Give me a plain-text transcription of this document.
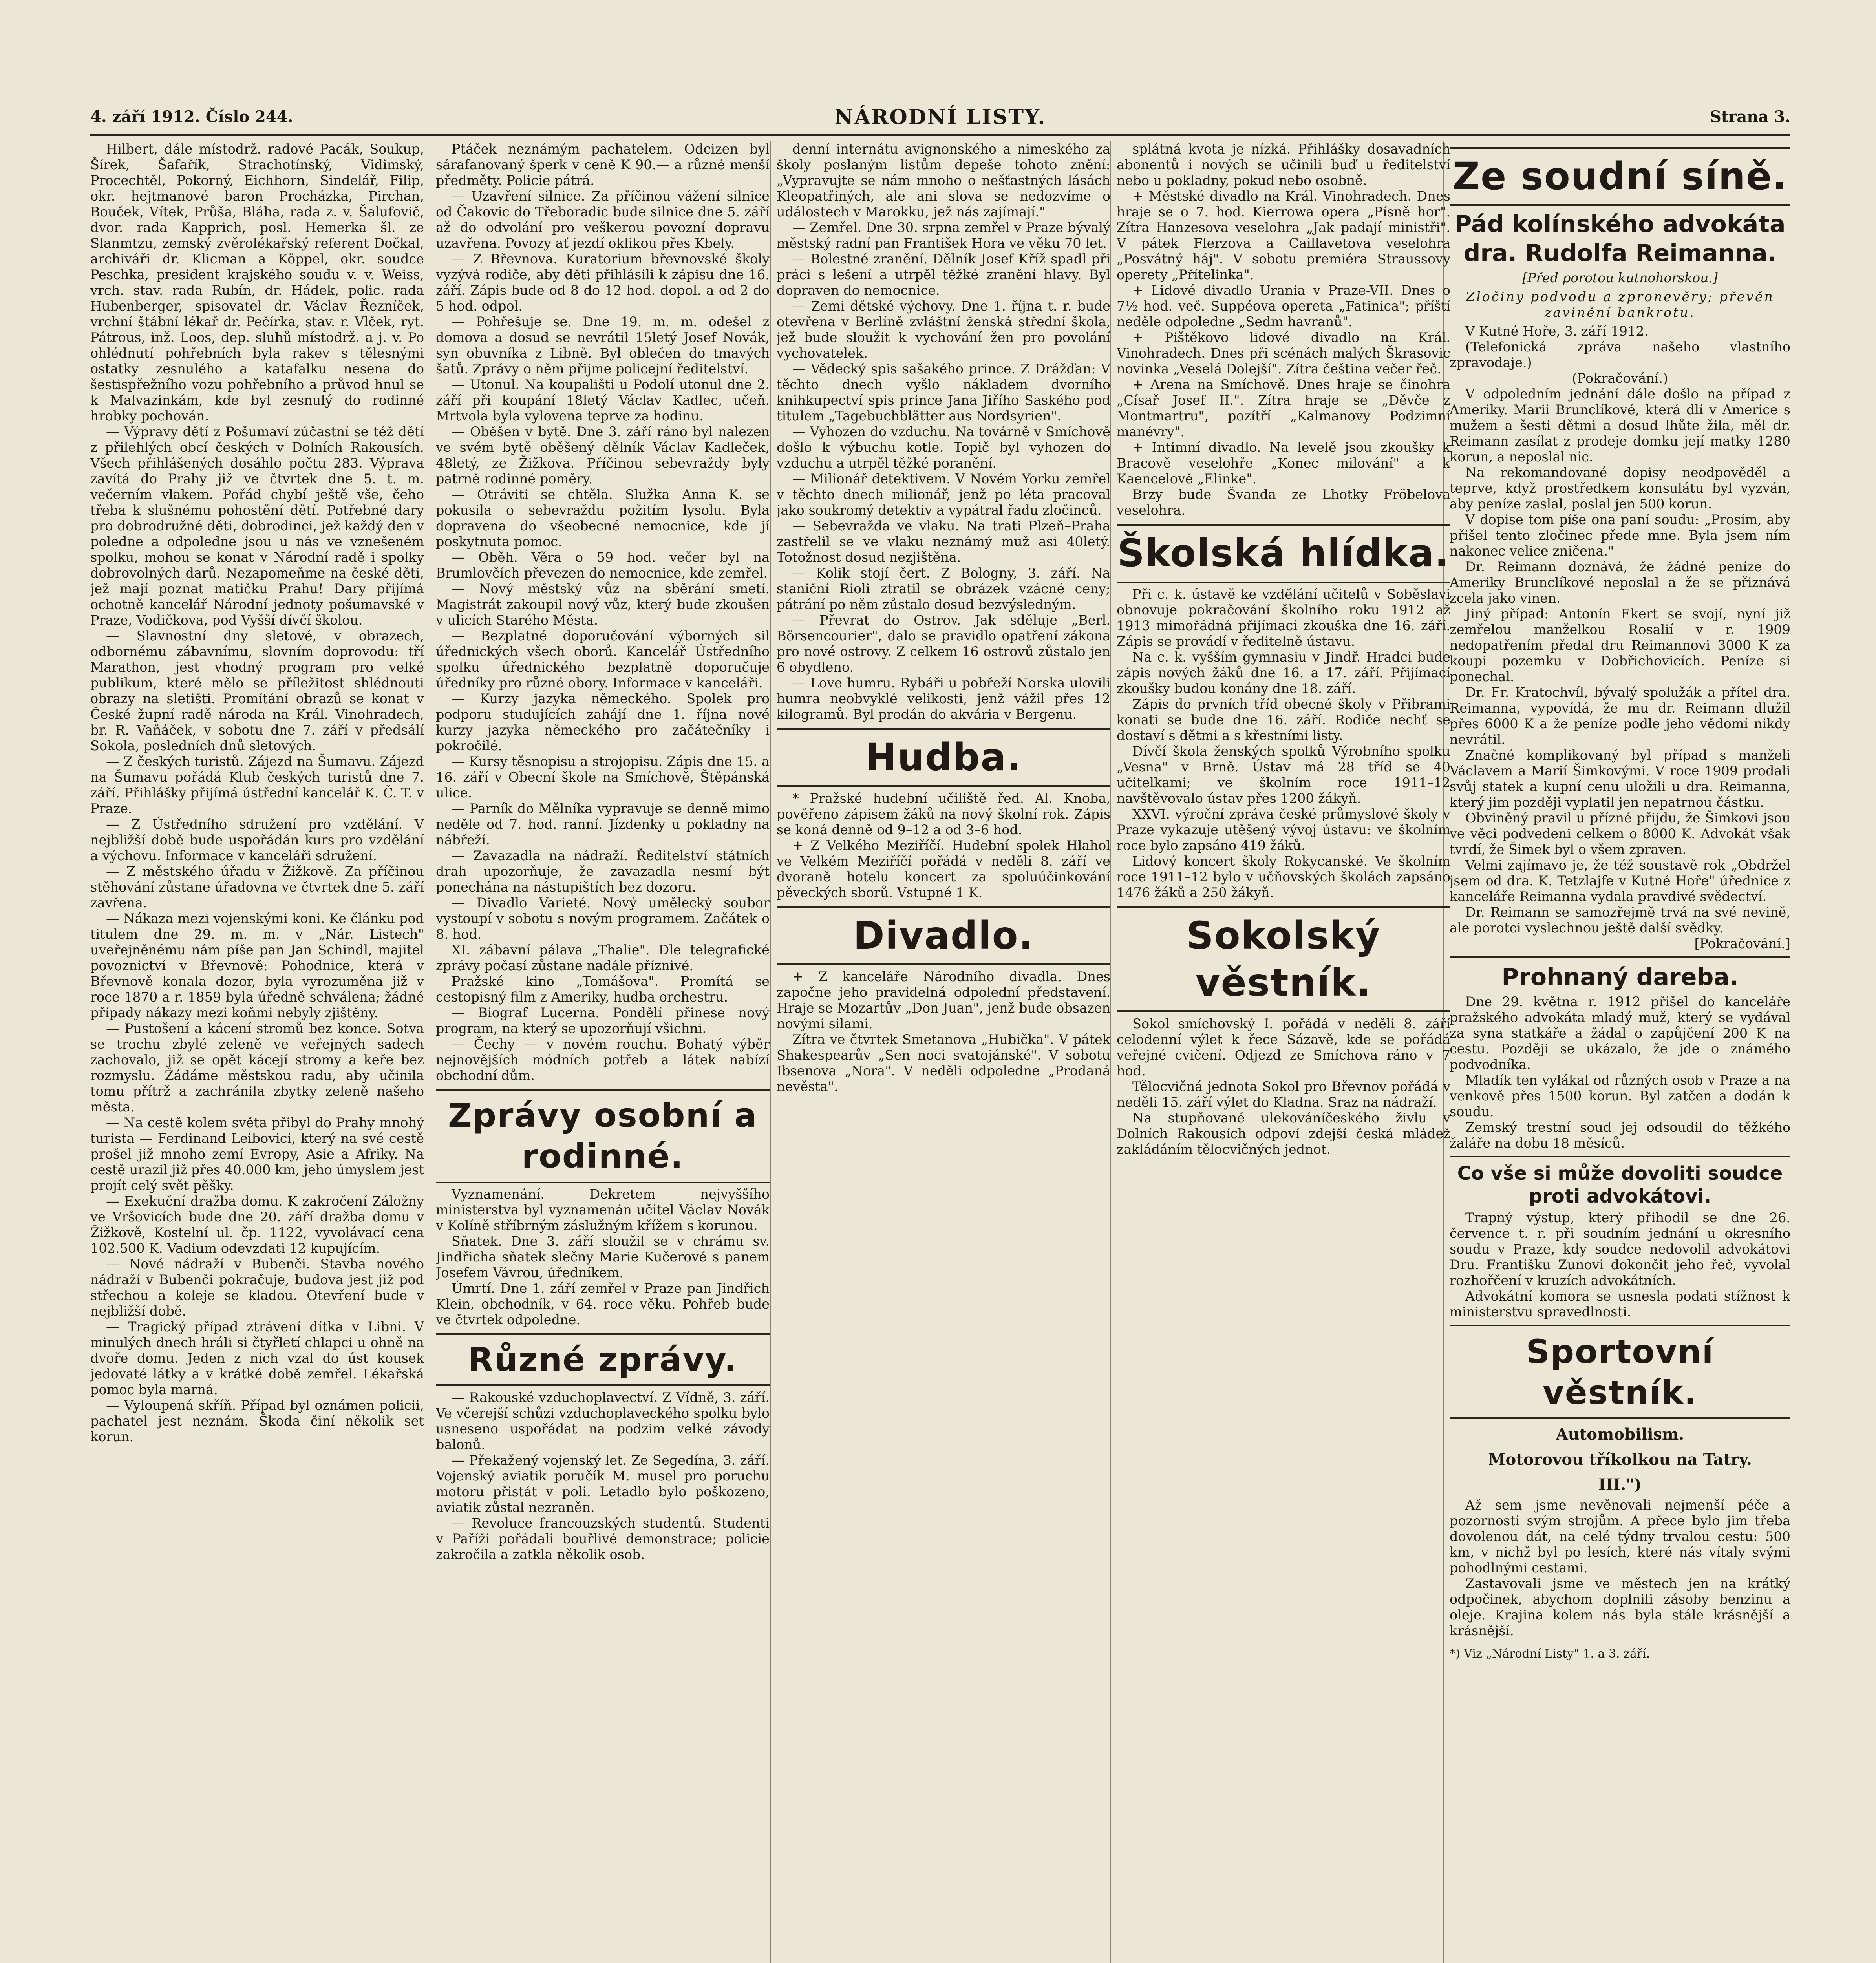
4. září 1912. Číslo 244.	NÁRODNÍ LISTY.	Strana 3.

Hilbert, dále místodrž. radové Pacák, Soukup, Šírek, Šafařík, Strachotínský, Vidimský, Procechtěl, Pokorný, Eichhorn, Sindelář, Filip, okr. hejtmanové baron Procházka, Pirchan, Bouček, Vítek, Průša, Bláha, rada z. v. Šalufovič, dvor. rada Kapprich, posl. Hemerka šl. ze Slanmtzu, zemský zvěrolékařský referent Dočkal, archiváři dr. Klicman a Köppel, okr. soudce Peschka, president krajského soudu v. v. Weiss, vrch. stav. rada Rubín, dr. Hádek, polic. rada Hubenberger, spisovatel dr. Václav Řezníček, vrchní štábní lékař dr. Pečírka, stav. r. Vlček, ryt. Pátrous, inž. Loos, dep. sluhů místodrž. a j. v. Po ohlédnutí pohřebních byla rakev s tělesnými ostatky zesnulého a katafalku nesena do šestispřežního vozu pohřebního a průvod hnul se k Malvazinkám, kde byl zesnulý do rodinné hrobky pochován.

— Výpravy dětí z Pošumaví zúčastní se též dětí z přilehlých obcí českých v Dolních Rakousích. Všech přihlášených dosáhlo počtu 283. Výprava zavítá do Prahy již ve čtvrtek dne 5. t. m. večerním vlakem. Pořád chybí ještě vše, čeho třeba k slušnému pohostění dětí. Potřebné dary pro dobrodružné děti, dobrodinci, jež každý den v poledne a odpoledne jsou u nás ve vznešeném spolku, mohou se konat v Národní radě i spolky dobrovolných darů. Nezapomeňme na české děti, jež mají poznat matičku Prahu! Dary přijímá ochotně kancelář Národní jednoty pošumavské v Praze, Vodičkova, pod Vyšší dívčí školou.

— Slavnostní dny sletové, v obrazech, odbornému zábavnímu, slovním doprovodu: tří Marathon, jest vhodný program pro velké publikum, které mělo se příležitost shlédnouti obrazy na sletišti. Promítání obrazů se konat v České župní radě národa na Král. Vinohradech, br. R. Vaňáček, v sobotu dne 7. září v předsálí Sokola, posledních dnů sletových.

— Z českých turistů. Zájezd na Šumavu. Zájezd na Šumavu pořádá Klub českých turistů dne 7. září. Přihlášky přijímá ústřední kancelář K. Č. T. v Praze.

— Z Ústředního sdružení pro vzdělání. V nejbližší době bude uspořádán kurs pro vzdělání a výchovu. Informace v kanceláři sdružení.

— Z městského úřadu v Žižkově. Za příčinou stěhování zůstane úřadovna ve čtvrtek dne 5. září zavřena.

— Nákaza mezi vojenskými koni. Ke článku pod titulem dne 29. m. m. v „Nár. Listech" uveřejněnému nám píše pan Jan Schindl, majitel povoznictví v Břevnově: Pohodnice, která v Břevnově konala dozor, byla vyrozuměna již v roce 1870 a r. 1859 byla úředně schválena; žádné případy nákazy mezi koňmi nebyly zjištěny.

— Pustošení a kácení stromů bez konce. Sotva se trochu zbylé zeleně ve veřejných sadech zachovalo, již se opět kácejí stromy a keře bez rozmyslu. Žádáme městskou radu, aby učinila tomu přítrž a zachránila zbytky zeleně našeho města.

— Na cestě kolem světa přibyl do Prahy mnohý turista — Ferdinand Leibovici, který na své cestě prošel již mnoho zemí Evropy, Asie a Afriky. Na cestě urazil již přes 40.000 km, jeho úmyslem jest projít celý svět pěšky.

— Exekuční dražba domu. K zakročení Záložny ve Vršovicích bude dne 20. září dražba domu v Žižkově, Kostelní ul. čp. 1122, vyvolávací cena 102.500 K. Vadium odevzdati 12 kupujícím.

— Nové nádraží v Bubenči. Stavba nového nádraží v Bubenči pokračuje, budova jest již pod střechou a koleje se kladou. Otevření bude v nejbližší době.

— Tragický případ ztrávení dítka v Libni. V minulých dnech hráli si čtyřletí chlapci u ohně na dvoře domu. Jeden z nich vzal do úst kousek jedovaté látky a v krátké době zemřel. Lékařská pomoc byla marná.

— Vyloupená skříň. Případ byl oznámen policii, pachatel jest neznám. Škoda činí několik set korun.

Ptáček neznámým pachatelem. Odcizen byl sárafanovaný šperk v ceně K 90.— a různé menší předměty. Policie pátrá.

— Uzavření silnice. Za příčinou vážení silnice od Čakovic do Třeboradic bude silnice dne 5. září až do odvolání pro veškerou povozní dopravu uzavřena. Povozy ať jezdí oklikou přes Kbely.

— Z Břevnova. Kuratorium břevnovské školy vyzývá rodiče, aby děti přihlásili k zápisu dne 16. září. Zápis bude od 8 do 12 hod. dopol. a od 2 do 5 hod. odpol.

— Pohřešuje se. Dne 19. m. m. odešel z domova a dosud se nevrátil 15letý Josef Novák, syn obuvníka z Libně. Byl oblečen do tmavých šatů. Zprávy o něm přijme policejní ředitelství.

— Utonul. Na koupališti u Podolí utonul dne 2. září při koupání 18letý Václav Kadlec, učeň. Mrtvola byla vylovena teprve za hodinu.

— Oběšen v bytě. Dne 3. září ráno byl nalezen ve svém bytě oběšený dělník Václav Kadleček, 48letý, ze Žižkova. Příčinou sebevraždy byly patrně rodinné poměry.

— Otráviti se chtěla. Služka Anna K. se pokusila o sebevraždu požitím lysolu. Byla dopravena do všeobecné nemocnice, kde jí poskytnuta pomoc.

— Oběh. Věra o 59 hod. večer byl na Brumlovčích převezen do nemocnice, kde zemřel.

— Nový městský vůz na sběrání smetí. Magistrát zakoupil nový vůz, který bude zkoušen v ulicích Starého Města.

— Bezplatné doporučování výborných sil úřednických všech oborů. Kancelář Ústředního spolku úřednického bezplatně doporučuje úředníky pro různé obory. Informace v kanceláři.

— Kurzy jazyka německého. Spolek pro podporu studujících zahájí dne 1. října nové kurzy jazyka německého pro začátečníky i pokročilé.

— Kursy těsnopisu a strojopisu. Zápis dne 15. a 16. září v Obecní škole na Smíchově, Štěpánská ulice.

— Parník do Mělníka vypravuje se denně mimo neděle od 7. hod. ranní. Jízdenky u pokladny na nábřeží.

— Zavazadla na nádraží. Ředitelství státních drah upozorňuje, že zavazadla nesmí být ponechána na nástupištích bez dozoru.

— Divadlo Varieté. Nový umělecký soubor vystoupí v sobotu s novým programem. Začátek o 8. hod.

XI. zábavní pálava „Thalie". Dle telegrafické zprávy počasí zůstane nadále příznivé.

Pražské kino „Tomášova". Promítá se cestopisný film z Ameriky, hudba orchestru.

— Biograf Lucerna. Pondělí přinese nový program, na který se upozorňují všichni.

— Čechy — v novém rouchu. Bohatý výběr nejnovějších módních potřeb a látek nabízí obchodní dům.

Zprávy osobní a rodinné.

Vyznamenání. Dekretem nejvyššího ministerstva byl vyznamenán učitel Václav Novák v Kolíně stříbrným záslužným křížem s korunou.

Sňatek. Dne 3. září sloužil se v chrámu sv. Jindřicha sňatek slečny Marie Kučerové s panem Josefem Vávrou, úředníkem.

Úmrtí. Dne 1. září zemřel v Praze pan Jindřich Klein, obchodník, v 64. roce věku. Pohřeb bude ve čtvrtek odpoledne.

Různé zprávy.

— Rakouské vzduchoplavectví. Z Vídně, 3. září. Ve včerejší schůzi vzduchoplaveckého spolku bylo usneseno uspořádat na podzim velké závody balonů.

— Překažený vojenský let. Ze Segedína, 3. září. Vojenský aviatik poručík M. musel pro poruchu motoru přistát v poli. Letadlo bylo poškozeno, aviatik zůstal nezraněn.

— Revoluce francouzských studentů. Studenti v Paříži pořádali bouřlivé demonstrace; policie zakročila a zatkla několik osob.

denní internátu avignonského a nimeského za školy poslaným listům depeše tohoto znění: „Vypravujte se nám mnoho o nešťastných lásách Kleopatřiných, ale ani slova se nedozvíme o událostech v Marokku, jež nás zajímají."

— Zemřel. Dne 30. srpna zemřel v Praze bývalý městský radní pan František Hora ve věku 70 let.

— Bolestné zranění. Dělník Josef Kříž spadl při práci s lešení a utrpěl těžké zranění hlavy. Byl dopraven do nemocnice.

— Zemi dětské výchovy. Dne 1. října t. r. bude otevřena v Berlíně zvláštní ženská střední škola, jež bude sloužit k vychování žen pro povolání vychovatelek.

— Vědecký spis sašakého prince. Z Drážďan: V těchto dnech vyšlo nákladem dvorního knihkupectví spis prince Jana Jiřího Saského pod titulem „Tagebuchblätter aus Nordsyrien".

— Vyhozen do vzduchu. Na továrně v Smíchově došlo k výbuchu kotle. Topič byl vyhozen do vzduchu a utrpěl těžké poranění.

— Milionář detektivem. V Novém Yorku zemřel v těchto dnech milionář, jenž po léta pracoval jako soukromý detektiv a vypátral řadu zločinců.

— Sebevražda ve vlaku. Na trati Plzeň–Praha zastřelil se ve vlaku neznámý muž asi 40letý. Totožnost dosud nezjištěna.

— Kolik stojí čert. Z Bologny, 3. září. Na staniční Rioli ztratil se obrázek vzácné ceny; pátrání po něm zůstalo dosud bezvýsledným.

— Převrat do Ostrov. Jak sděluje „Berl. Börsencourier", dalo se pravidlo opatření zákona pro nové ostrovy. Z celkem 16 ostrovů zůstalo jen 6 obydleno.

— Love humru. Rybáři u pobřeží Norska ulovili humra neobvyklé velikosti, jenž vážil přes 12 kilogramů. Byl prodán do akvária v Bergenu.

Hudba.

* Pražské hudební učiliště řed. Al. Knoba, pověřeno zápisem žáků na nový školní rok. Zápis se koná denně od 9–12 a od 3–6 hod.

+ Z Velkého Meziříčí. Hudební spolek Hlahol ve Velkém Meziříčí pořádá v neděli 8. září ve dvoraně hotelu koncert za spoluúčinkování pěveckých sborů. Vstupné 1 K.

Divadlo.

+ Z kanceláře Národního divadla. Dnes započne jeho pravidelná odpolední představení. Hraje se Mozartův „Don Juan", jenž bude obsazen novými silami.

Zítra ve čtvrtek Smetanova „Hubička". V pátek Shakespearův „Sen noci svatojánské". V sobotu Ibsenova „Nora". V neděli odpoledne „Prodaná nevěsta".

splátná kvota je nízká. Přihlášky dosavadních abonentů i nových se učinili buď u ředitelství nebo u pokladny, pokud nebo osobně.

+ Městské divadlo na Král. Vinohradech. Dnes hraje se o 7. hod. Kierrowa opera „Písně hor". Zítra Hanzesova veselohra „Jak padají ministři". V pátek Flerzova a Caillavetova veselohra „Posvátný háj". V sobotu premiéra Straussovy operety „Přítelinka".

+ Lidové divadlo Urania v Praze-VII. Dnes o 7½ hod. več. Suppéova opereta „Fatinica"; příští neděle odpoledne „Sedm havranů".

+ Pištěkovo lidové divadlo na Král. Vinohradech. Dnes při scénách malých Škrasovic novinka „Veselá Dolejší". Zítra čeština večer řeč.

+ Arena na Smíchově. Dnes hraje se činohra „Císař Josef II.". Zítra hraje se „Děvče z Montmartru", pozítří „Kalmanovy Podzimní manévry".

+ Intimní divadlo. Na levelě jsou zkoušky k Bracově veselohře „Konec milování" a k Kaencelově „Elinke".

Brzy bude Švanda ze Lhotky Fröbelova veselohra.

Školská hlídka.

Při c. k. ústavě ke vzdělání učitelů v Soběslavi obnovuje pokračování školního roku 1912 až 1913 mimořádná přijímací zkouška dne 16. září. Zápis se provádí v ředitelně ústavu.

Na c. k. vyšším gymnasiu v Jindř. Hradci bude zápis nových žáků dne 16. a 17. září. Přijímací zkoušky budou konány dne 18. září.

Zápis do prvních tříd obecné školy v Přibrami konati se bude dne 16. září. Rodiče nechť se dostaví s dětmi a s křestními listy.

Dívčí škola ženských spolků Výrobního spolku „Vesna" v Brně. Ústav má 28 tříd se 40 učitelkami; ve školním roce 1911–12 navštěvovalo ústav přes 1200 žákyň.

XXVI. výroční zpráva české průmyslové školy v Praze vykazuje utěšený vývoj ústavu: ve školním roce bylo zapsáno 419 žáků.

Lidový koncert školy Rokycanské. Ve školním roce 1911–12 bylo v učňovských školách zapsáno 1476 žáků a 250 žákyň.

Sokolský věstník.

Sokol smíchovský I. pořádá v neděli 8. září celodenní výlet k řece Sázavě, kde se pořádá veřejné cvičení. Odjezd ze Smíchova ráno v 7 hod.

Tělocvičná jednota Sokol pro Břevnov pořádá v neděli 15. září výlet do Kladna. Sraz na nádraží.

Na stupňované ulekováníčeského živlu v Dolních Rakousích odpoví zdejší česká mládež zakládáním tělocvičných jednot.

Ze soudní síně.
Pád kolínského advokáta dra. Rudolfa Reimanna.
[Před porotou kutnohorskou.]
Zločiny podvodu a zpronevěry; převěn zavinění bankrotu.

V Kutné Hoře, 3. září 1912.

(Telefonická zpráva našeho vlastního zpravodaje.)

(Pokračování.)

V odpoledním jednání dále došlo na případ z Ameriky. Marii Brunclíkové, která dlí v Americe s mužem a šesti dětmi a dosud lhůte žila, měl dr. Reimann zasílat z prodeje domku její matky 1280 korun, a neposlal nic.

Na rekomandované dopisy neodpověděl a teprve, když prostředkem konsulátu byl vyzván, aby peníze zaslal, poslal jen 500 korun.

V dopise tom píše ona paní soudu: „Prosím, aby přišel tento zločinec přede mne. Byla jsem ním nakonec velice zničena."

Dr. Reimann doznává, že žádné peníze do Ameriky Brunclíkové neposlal a že se přiznává zcela jako vinen.

Jiný případ: Antonín Ekert se svojí, nyní již zemřelou manželkou Rosalií v r. 1909 nedopatřením předal dru Reimannovi 3000 K za koupi pozemku v Dobřichovicích. Peníze si ponechal.

Dr. Fr. Kratochvíl, bývalý spolužák a přítel dra. Reimanna, vypovídá, že mu dr. Reimann dlužil přes 6000 K a že peníze podle jeho vědomí nikdy nevrátil.

Značné komplikovaný byl případ s manželi Václavem a Marií Šimkovými. V roce 1909 prodali svůj statek a kupní cenu uložili u dra. Reimanna, který jim později vyplatil jen nepatrnou částku.

Obviněný pravil u přízné přijdu, že Šimkovi jsou ve věci podvedeni celkem o 8000 K. Advokát však tvrdí, že Šimek byl o všem zpraven.

Velmi zajímavo je, že též soustavě rok „Obdržel jsem od dra. K. Tetzlajfe v Kutné Hoře" úřednice z kanceláře Reimanna vydala pravdivé svědectví.

Dr. Reimann se samozřejmě trvá na své nevině, ale porotci vyslechnou ještě další svědky.

[Pokračování.]

Prohnaný dareba.

Dne 29. května r. 1912 přišel do kanceláře pražského advokáta mladý muž, který se vydával za syna statkáře a žádal o zapůjčení 200 K na cestu. Později se ukázalo, že jde o známého podvodníka.

Mladík ten vylákal od různých osob v Praze a na venkově přes 1500 korun. Byl zatčen a dodán k soudu.

Zemský trestní soud jej odsoudil do těžkého žaláře na dobu 18 měsíců.

Co vše si může dovoliti soudce proti advokátovi.

Trapný výstup, který přihodil se dne 26. července t. r. při soudním jednání u okresního soudu v Praze, kdy soudce nedovolil advokátovi Dru. Františku Zunovi dokončit jeho řeč, vyvolal rozhořčení v kruzích advokátních.

Advokátní komora se usnesla podati stížnost k ministerstvu spravedlnosti.

Sportovní věstník.
Automobilism.
Motorovou tříkolkou na Tatry.
III.")

Až sem jsme nevěnovali nejmenší péče a pozornosti svým strojům. A přece bylo jim třeba dovolenou dát, na celé týdny trvalou cestu: 500 km, v nichž byl po lesích, které nás vítaly svými pohodlnými cestami.

Zastavovali jsme ve městech jen na krátký odpočinek, abychom doplnili zásoby benzinu a oleje. Krajina kolem nás byla stále krásnější a krásnější.

*) Viz „Národní Listy" 1. a 3. září.
